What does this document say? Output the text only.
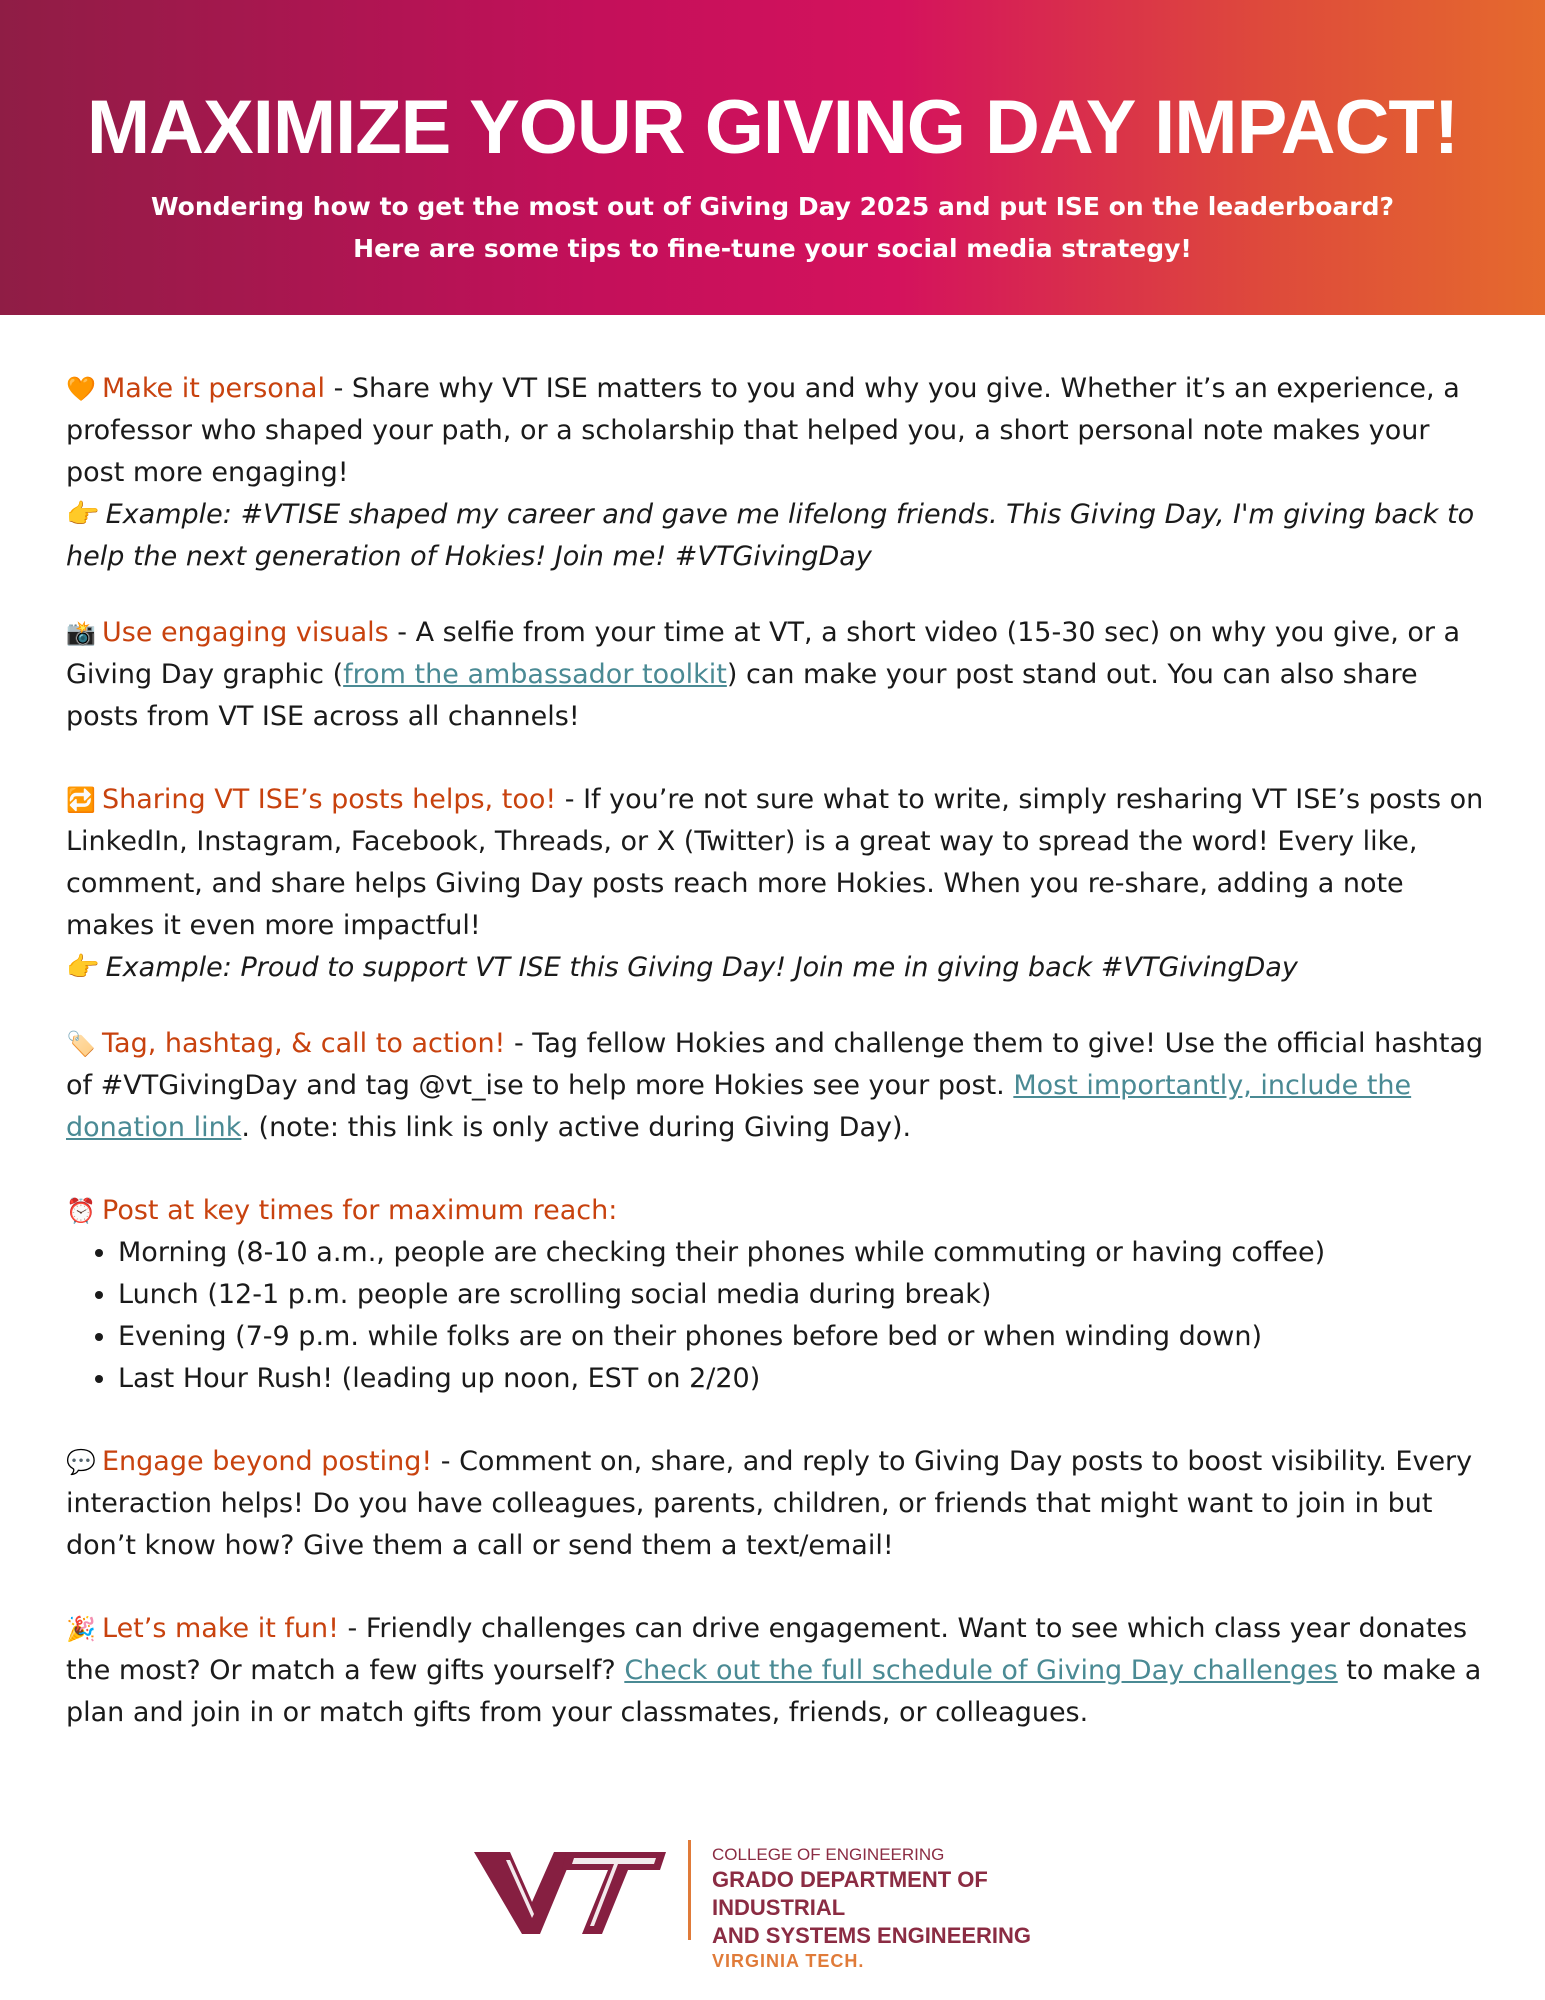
MAXIMIZE YOUR GIVING DAY IMPACT!
Wondering how to get the most out of Giving Day 2025 and put ISE on the leaderboard?
Here are some tips to fine-tune your social media strategy!

🧡 Make it personal - Share why VT ISE matters to you and why you give. Whether it’s an experience, a professor who shaped your path, or a scholarship that helped you, a short personal note makes your post more engaging!

👉 Example: #VTISE shaped my career and gave me lifelong friends. This Giving Day, I'm giving back to help the next generation of Hokies! Join me! #VTGivingDay

📸 Use engaging visuals - A selfie from your time at VT, a short video (15-30 sec) on why you give, or a Giving Day graphic (from the ambassador toolkit) can make your post stand out. You can also share posts from VT ISE across all channels!

🔁 Sharing VT ISE’s posts helps, too! - If you’re not sure what to write, simply resharing VT ISE’s posts on LinkedIn, Instagram, Facebook, Threads, or X (Twitter) is a great way to spread the word! Every like, comment, and share helps Giving Day posts reach more Hokies. When you re-share, adding a note makes it even more impactful!

👉 Example: Proud to support VT ISE this Giving Day! Join me in giving back #VTGivingDay

🏷️ Tag, hashtag, & call to action! - Tag fellow Hokies and challenge them to give! Use the official hashtag of #VTGivingDay and tag @vt_ise to help more Hokies see your post. Most importantly, include the donation link. (note: this link is only active during Giving Day).

⏰ Post at key times for maximum reach:

• Morning (8-10 a.m., people are checking their phones while commuting or having coffee)
• Lunch (12-1 p.m. people are scrolling social media during break)
• Evening (7-9 p.m. while folks are on their phones before bed or when winding down)
• Last Hour Rush! (leading up noon, EST on 2/20)

💬 Engage beyond posting! - Comment on, share, and reply to Giving Day posts to boost visibility. Every interaction helps! Do you have colleagues, parents, children, or friends that might want to join in but don’t know how? Give them a call or send them a text/email!

🎉 Let’s make it fun! - Friendly challenges can drive engagement. Want to see which class year donates the most? Or match a few gifts yourself? Check out the full schedule of Giving Day challenges to make a plan and join in or match gifts from your classmates, friends, or colleagues.

COLLEGE OF ENGINEERING
GRADO DEPARTMENT OF INDUSTRIAL
AND SYSTEMS ENGINEERING
VIRGINIA TECH.
